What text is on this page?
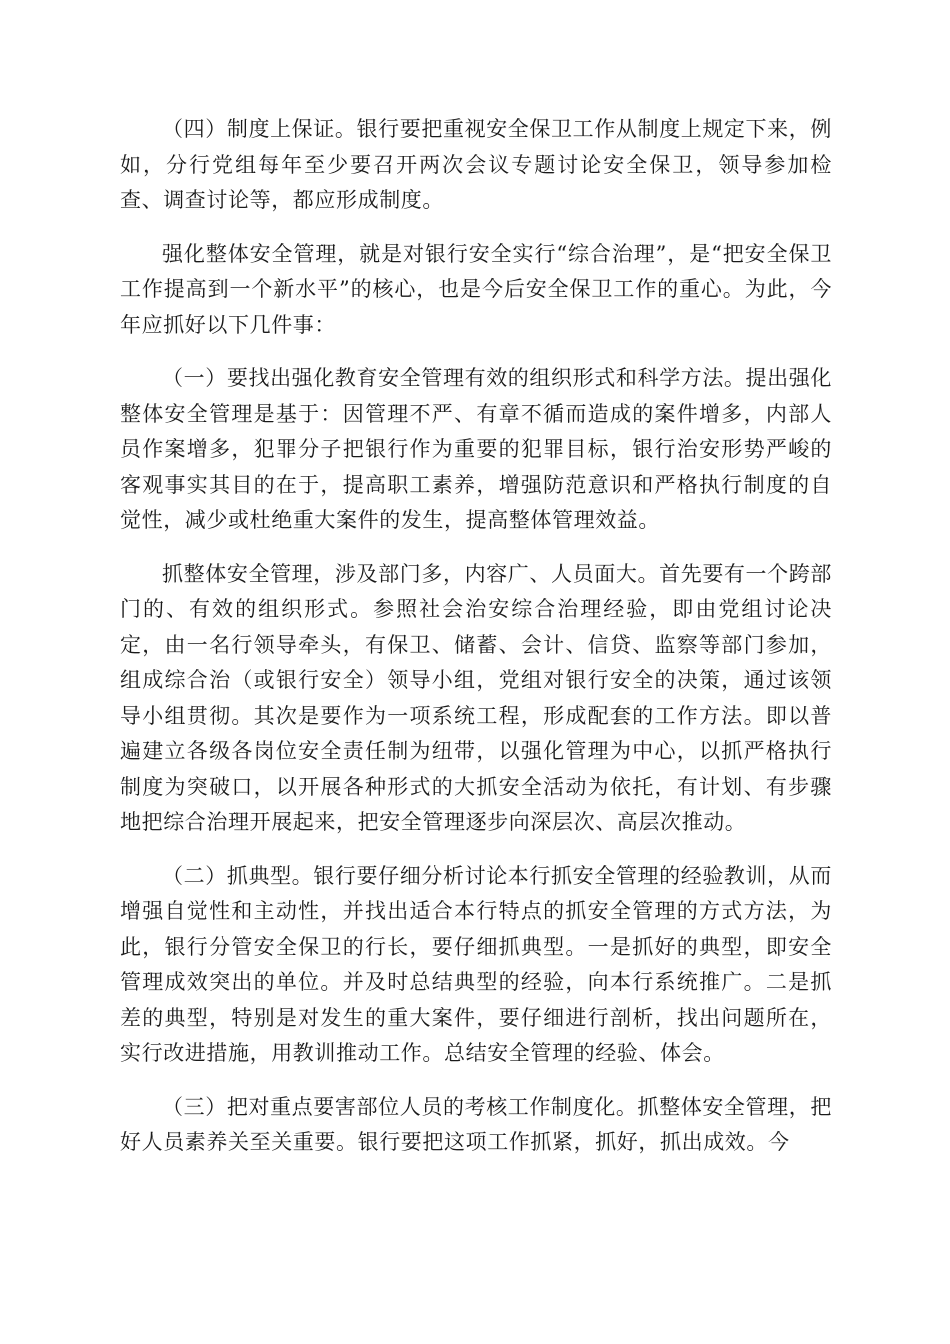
（四）制度上保证。银行要把重视安全保卫工作从制度上规定下来，例如，分行党组每年至少要召开两次会议专题讨论安全保卫，领导参加检查、调查讨论等，都应形成制度。

强化整体安全管理，就是对银行安全实行“综合治理”，是“把安全保卫工作提高到一个新水平”的核心，也是今后安全保卫工作的重心。为此，今年应抓好以下几件事：

（一）要找出强化教育安全管理有效的组织形式和科学方法。提出强化整体安全管理是基于：因管理不严、有章不循而造成的案件增多，内部人员作案增多，犯罪分子把银行作为重要的犯罪目标，银行治安形势严峻的客观事实其目的在于，提高职工素养，增强防范意识和严格执行制度的自觉性，减少或杜绝重大案件的发生，提高整体管理效益。

抓整体安全管理，涉及部门多，内容广、人员面大。首先要有一个跨部门的、有效的组织形式。参照社会治安综合治理经验，即由党组讨论决定，由一名行领导牵头，有保卫、储蓄、会计、信贷、监察等部门参加，组成综合治（或银行安全）领导小组，党组对银行安全的决策，通过该领导小组贯彻。其次是要作为一项系统工程，形成配套的工作方法。即以普遍建立各级各岗位安全责任制为纽带，以强化管理为中心，以抓严格执行制度为突破口，以开展各种形式的大抓安全活动为依托，有计划、有步骤地把综合治理开展起来，把安全管理逐步向深层次、高层次推动。

（二）抓典型。银行要仔细分析讨论本行抓安全管理的经验教训，从而增强自觉性和主动性，并找出适合本行特点的抓安全管理的方式方法，为此，银行分管安全保卫的行长，要仔细抓典型。一是抓好的典型，即安全管理成效突出的单位。并及时总结典型的经验，向本行系统推广。二是抓差的典型，特别是对发生的重大案件，要仔细进行剖析，找出问题所在，实行改进措施，用教训推动工作。总结安全管理的经验、体会。

（三）把对重点要害部位人员的考核工作制度化。抓整体安全管理，把好人员素养关至关重要。银行要把这项工作抓紧，抓好，抓出成效。今
